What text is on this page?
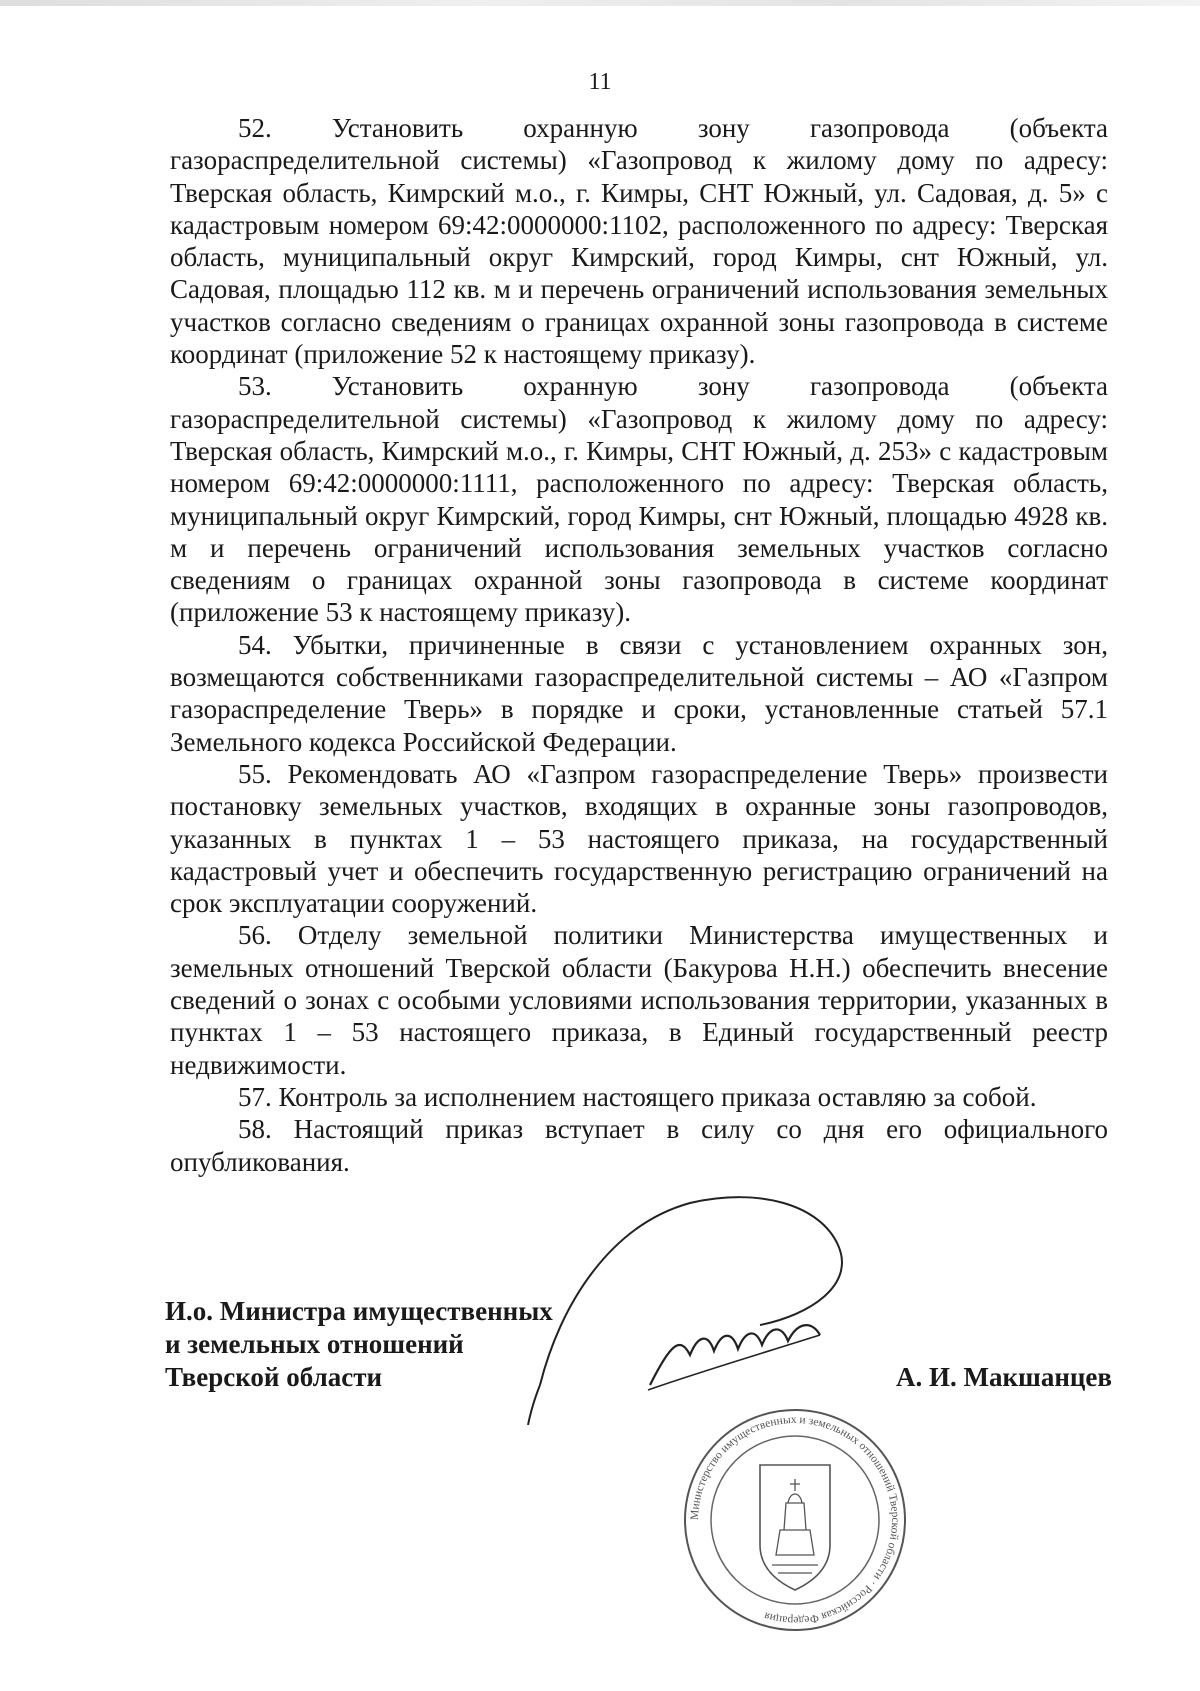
11

52. Установить охранную зону газопровода (объекта газораспределительной системы) «Газопровод к жилому дому по адресу: Тверская область, Кимрский м.о., г. Кимры, СНТ Южный, ул. Садовая, д. 5» с кадастровым номером 69:42:0000000:1102, расположенного по адресу: Тверская область, муниципальный округ Кимрский, город Кимры, снт Южный, ул. Садовая, площадью 112 кв. м и перечень ограничений использования земельных участков согласно сведениям о границах охранной зоны газопровода в системе координат (приложение 52 к настоящему приказу).

53. Установить охранную зону газопровода (объекта газораспределительной системы) «Газопровод к жилому дому по адресу: Тверская область, Кимрский м.о., г. Кимры, СНТ Южный, д. 253» с кадастровым номером 69:42:0000000:1111, расположенного по адресу: Тверская область, муниципальный округ Кимрский, город Кимры, снт Южный, площадью 4928 кв. м и перечень ограничений использования земельных участков согласно сведениям о границах охранной зоны газопровода в системе координат (приложение 53 к настоящему приказу).

54. Убытки, причиненные в связи с установлением охранных зон, возмещаются собственниками газораспределительной системы – АО «Газпром газораспределение Тверь» в порядке и сроки, установленные статьей 57.1 Земельного кодекса Российской Федерации.

55. Рекомендовать АО «Газпром газораспределение Тверь» произвести постановку земельных участков, входящих в охранные зоны газопроводов, указанных в пунктах 1 – 53 настоящего приказа, на государственный кадастровый учет и обеспечить государственную регистрацию ограничений на срок эксплуатации сооружений.

56. Отделу земельной политики Министерства имущественных и земельных отношений Тверской области (Бакурова Н.Н.) обеспечить внесение сведений о зонах с особыми условиями использования территории, указанных в пунктах 1 – 53 настоящего приказа, в Единый государственный реестр недвижимости.

57. Контроль за исполнением настоящего приказа оставляю за собой.

58. Настоящий приказ вступает в силу со дня его официального опубликования.

И.о. Министра имущественных
и земельных отношений
Тверской области	А. И. Макшанцев
Министерство имущественных и земельных отношений Тверской области · Российская Федерация
